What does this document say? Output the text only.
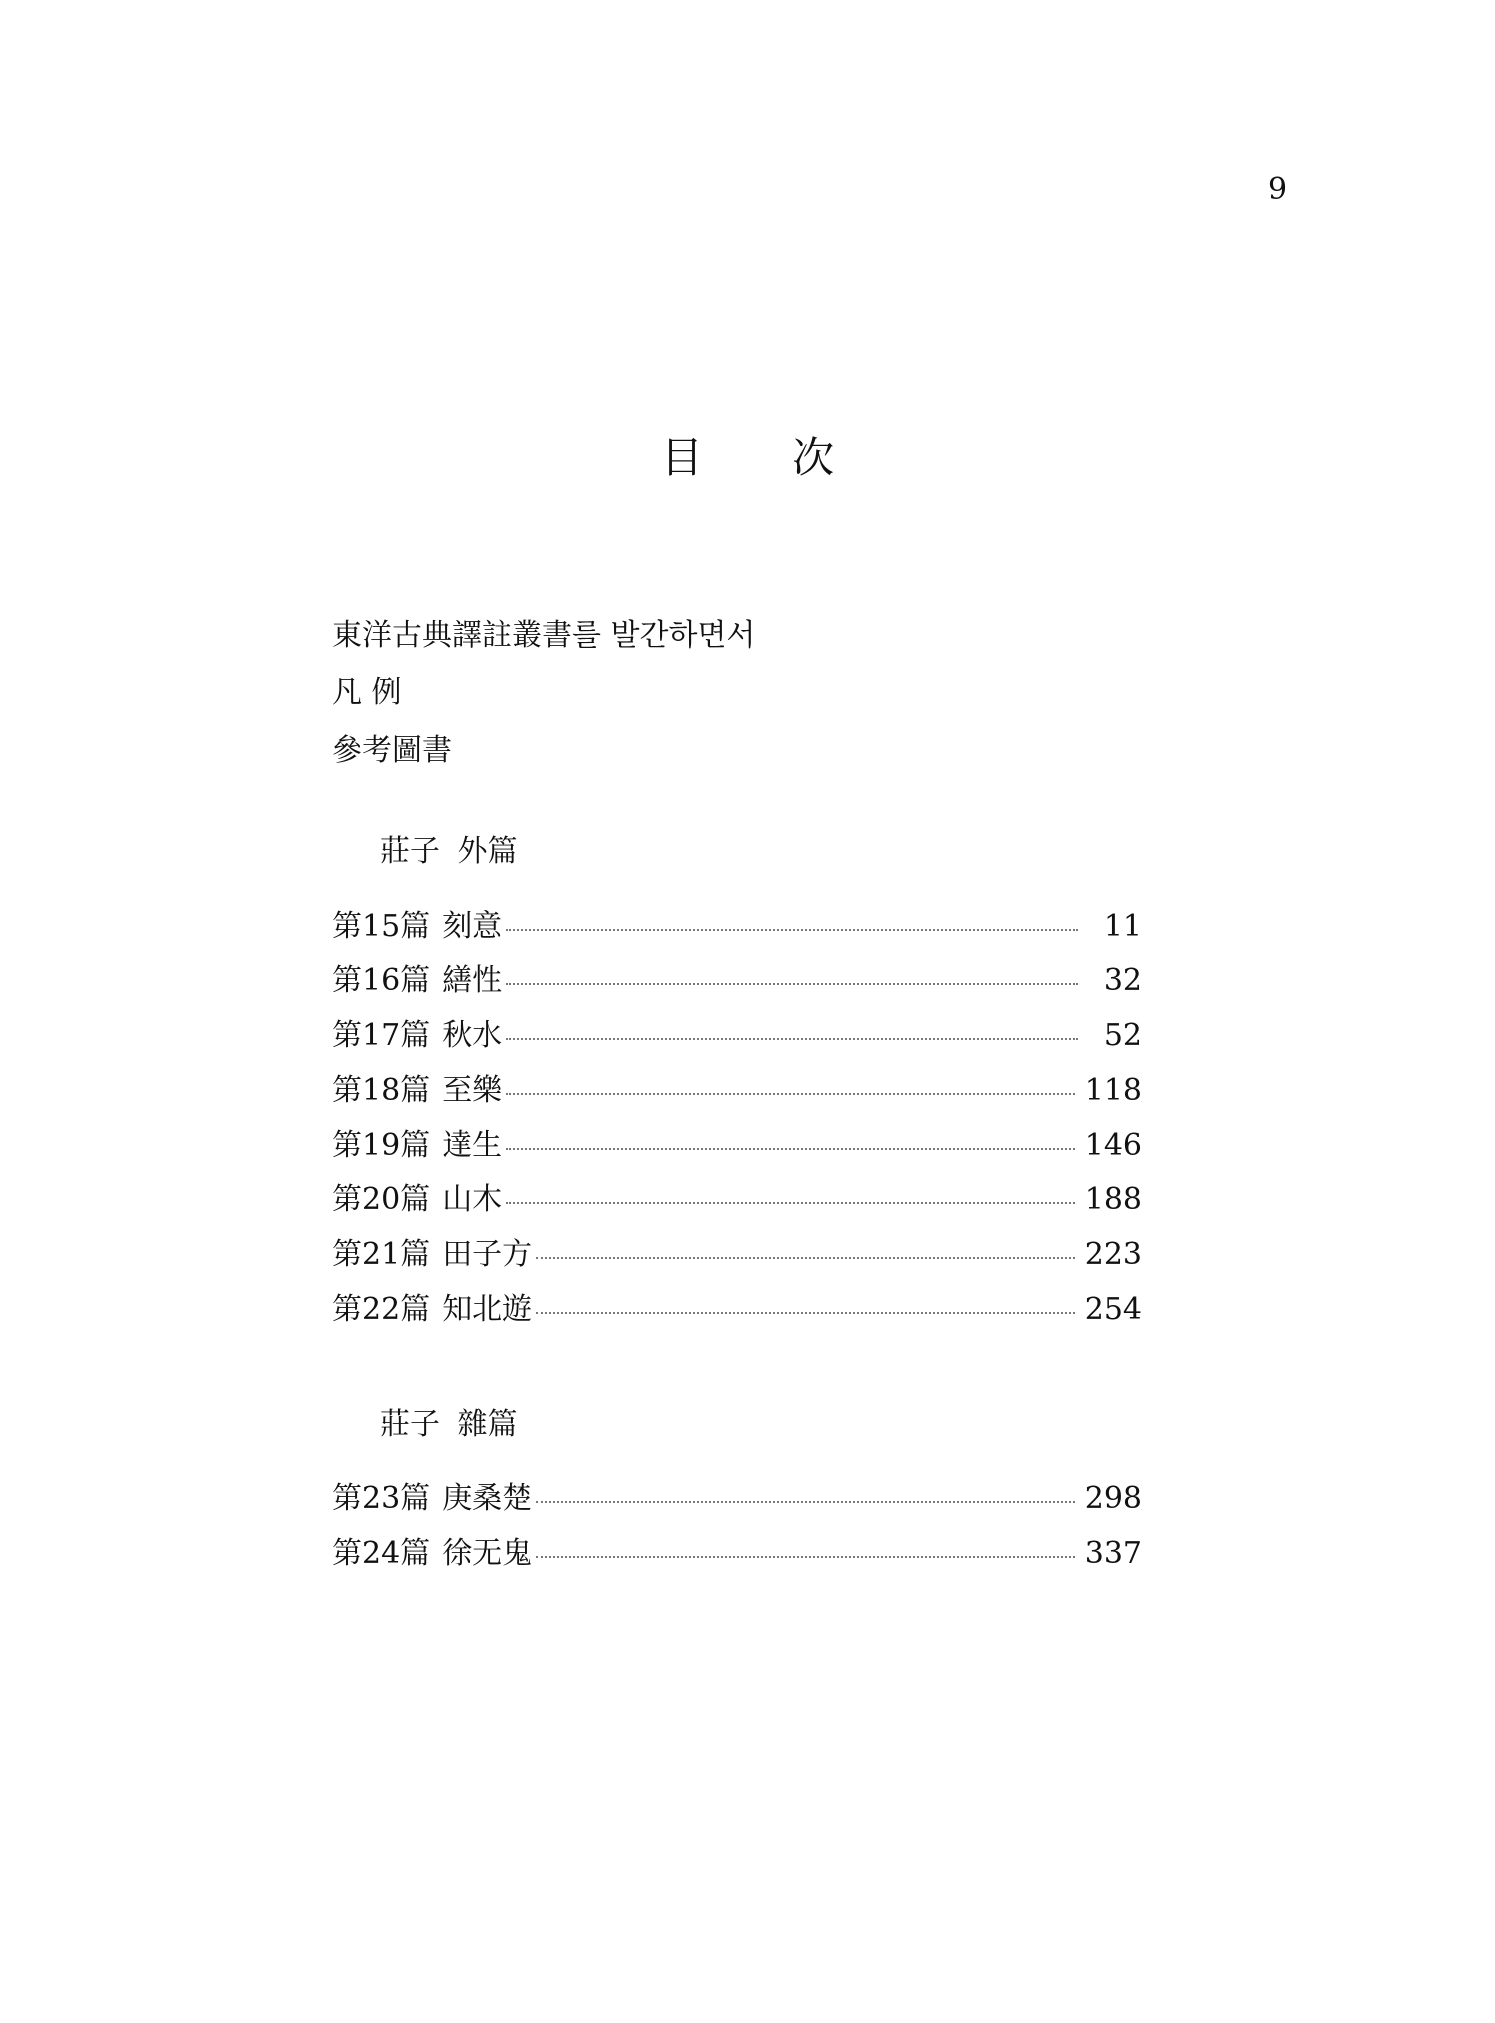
9
目 次
東洋古典譯註叢書를 발간하면서
凡 例
參考圖書
莊子 外篇
第15篇 刻意	11
第16篇 繕性	32
第17篇 秋水	52
第18篇 至樂	118
第19篇 達生	146
第20篇 山木	188
第21篇 田子方	223
第22篇 知北遊	254
莊子 雜篇
第23篇 庚桑楚	298
第24篇 徐无鬼	337
